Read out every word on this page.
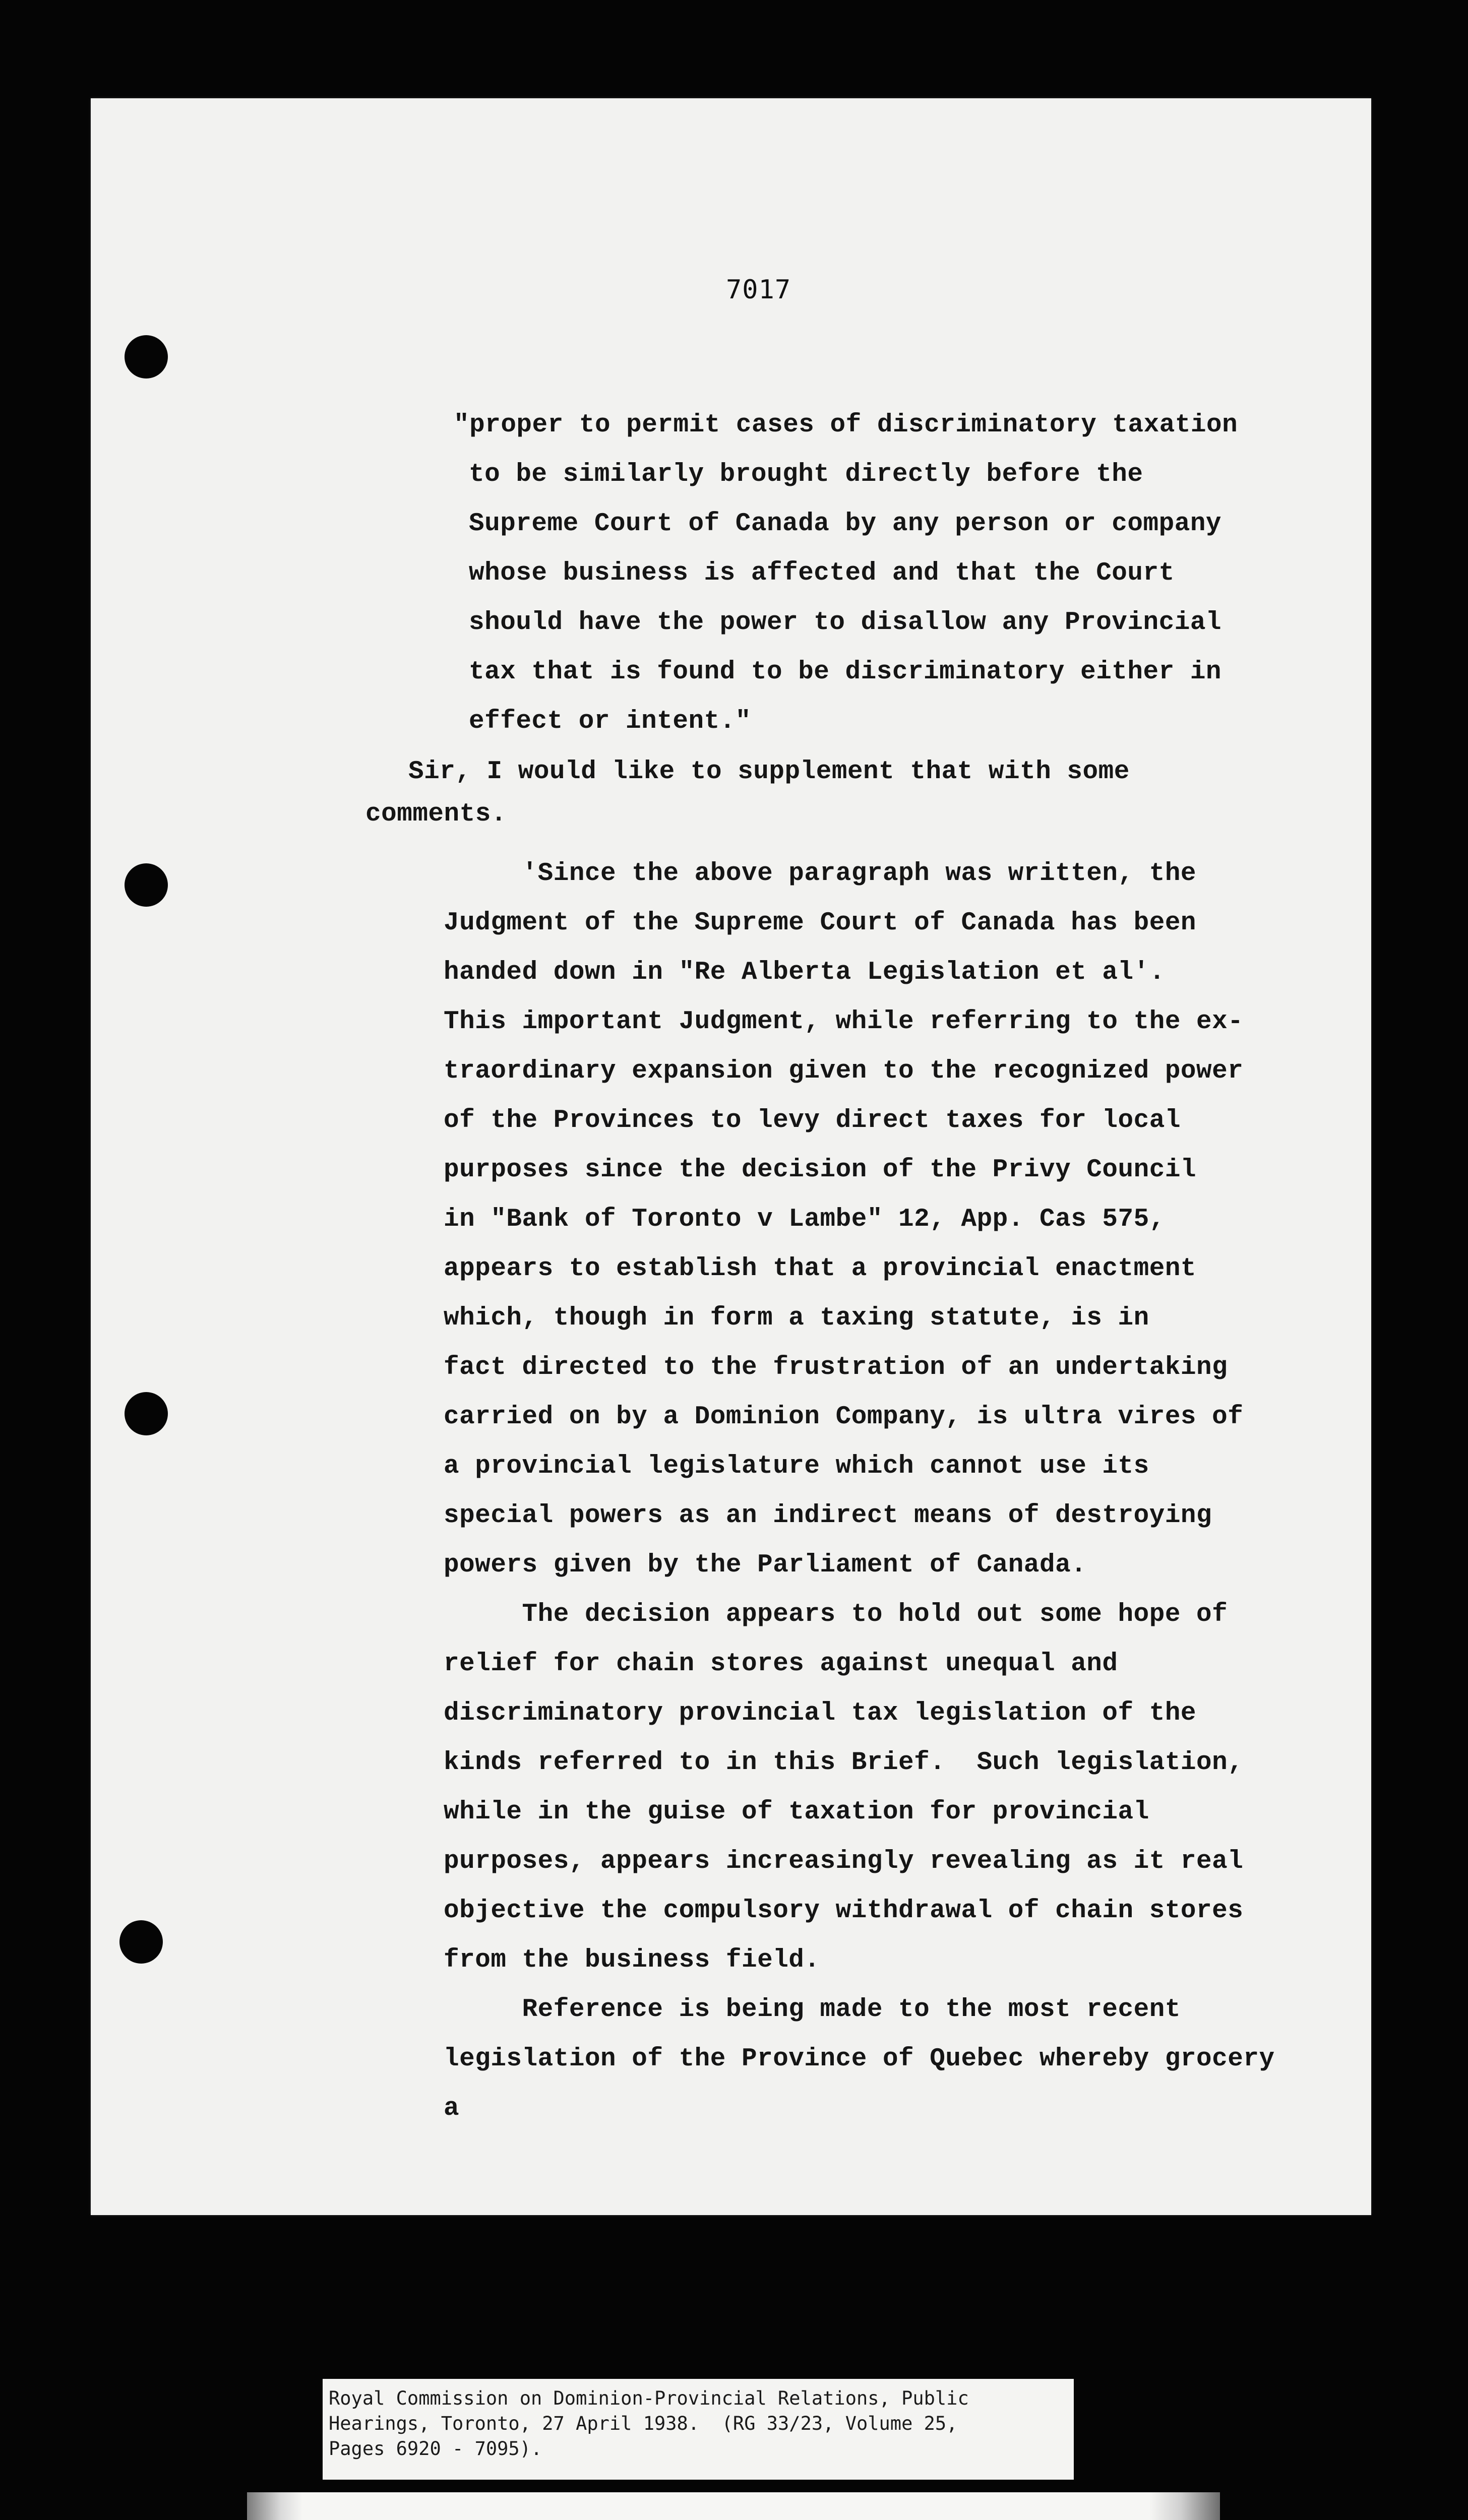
7017
"proper to permit cases of discriminatory taxation
to be similarly brought directly before the
Supreme Court of Canada by any person or company
whose business is affected and that the Court
should have the power to disallow any Provincial
tax that is found to be discriminatory either in
effect or intent."
Sir, I would like to supplement that with some
comments.
'Since the above paragraph was written, the
Judgment of the Supreme Court of Canada has been
handed down in "Re Alberta Legislation et al'.
This important Judgment, while referring to the ex-
traordinary expansion given to the recognized power
of the Provinces to levy direct taxes for local
purposes since the decision of the Privy Council
in "Bank of Toronto v Lambe" 12, App. Cas 575,
appears to establish that a provincial enactment
which, though in form a taxing statute, is in
fact directed to the frustration of an undertaking
carried on by a Dominion Company, is ultra vires of
a provincial legislature which cannot use its
special powers as an indirect means of destroying
powers given by the Parliament of Canada.
The decision appears to hold out some hope of
relief for chain stores against unequal and
discriminatory provincial tax legislation of the
kinds referred to in this Brief.  Such legislation,
while in the guise of taxation for provincial
purposes, appears increasingly revealing as it real
objective the compulsory withdrawal of chain stores
from the business field.
Reference is being made to the most recent
legislation of the Province of Quebec whereby grocery
a
Royal Commission on Dominion-Provincial Relations, Public
Hearings, Toronto, 27 April 1938.  (RG 33/23, Volume 25,
Pages 6920 - 7095).
